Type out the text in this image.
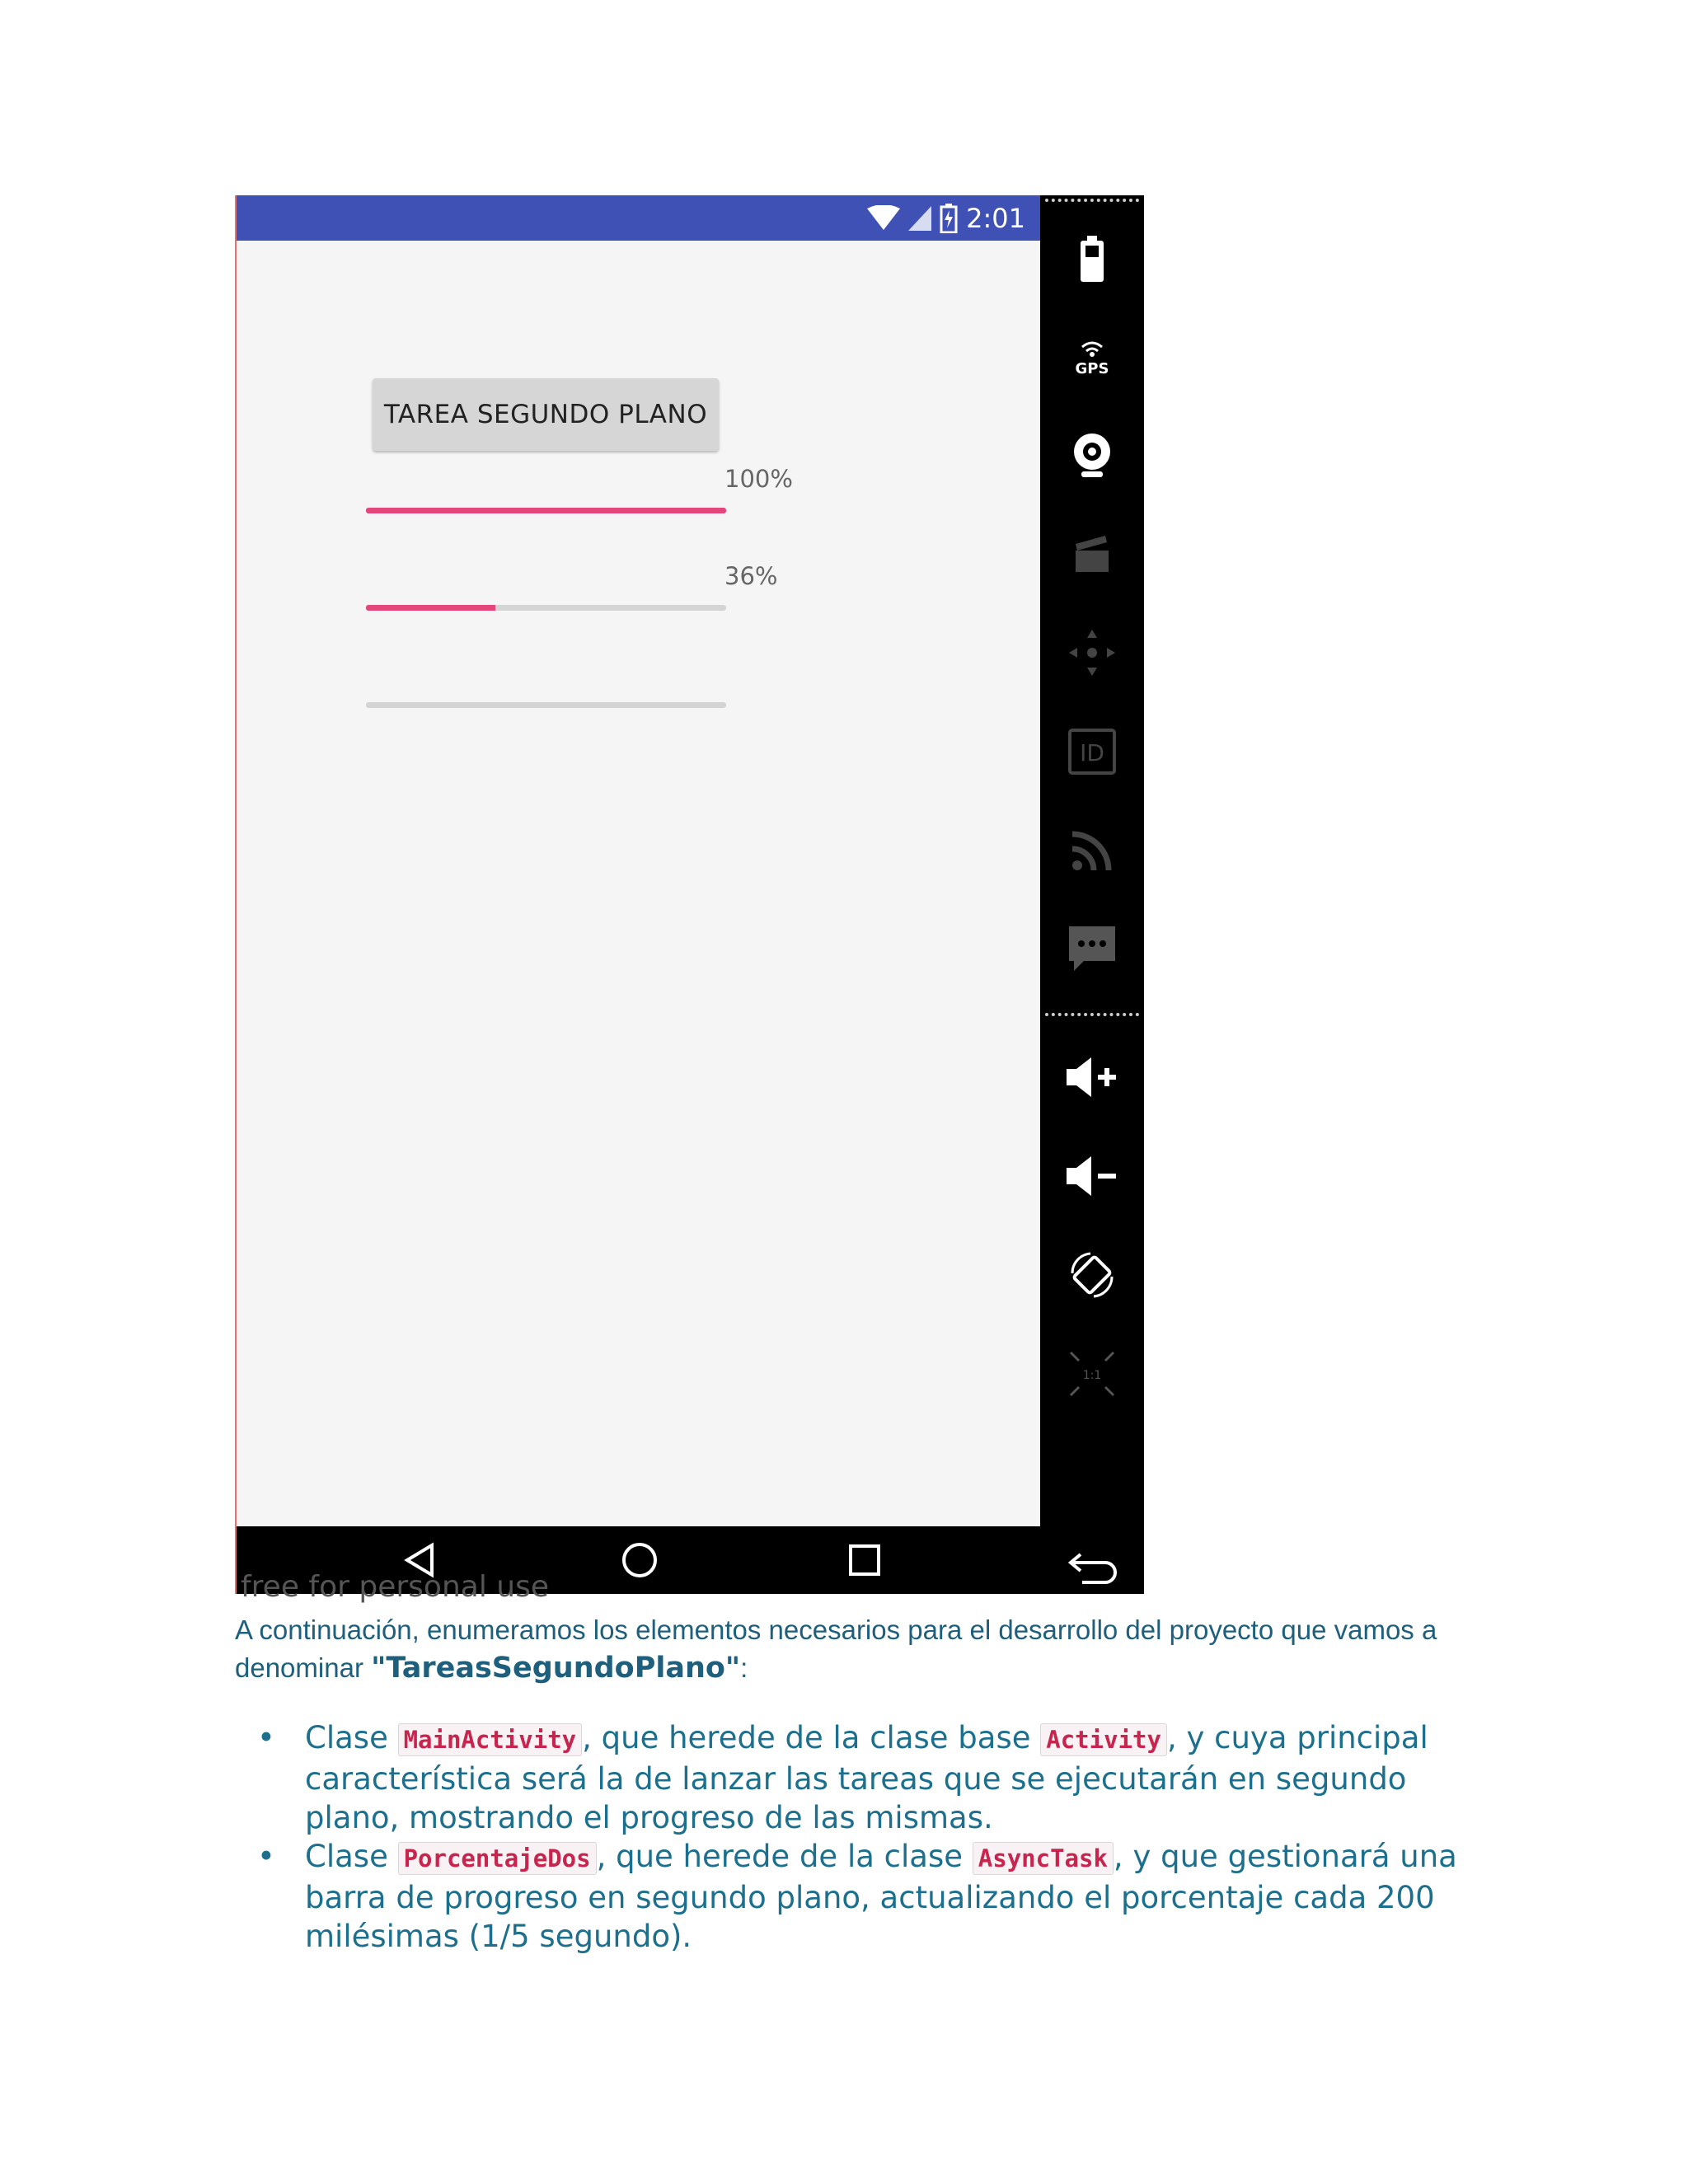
2:01
TAREA SEGUNDO PLANO
100%
36%
free for personal use
GPS
ID
1:1
A continuación, enumeramos los elementos necesarios para el desarrollo del proyecto que vamos a denominar "TareasSegundoPlano":
• Clase MainActivity , que herede de la clase base Activity , y cuya principal característica será la de lanzar las tareas que se ejecutarán en segundo plano, mostrando el progreso de las mismas.
• Clase PorcentajeDos , que herede de la clase AsyncTask , y que gestionará una barra de progreso en segundo plano, actualizando el porcentaje cada 200 milésimas (1/5 segundo).
